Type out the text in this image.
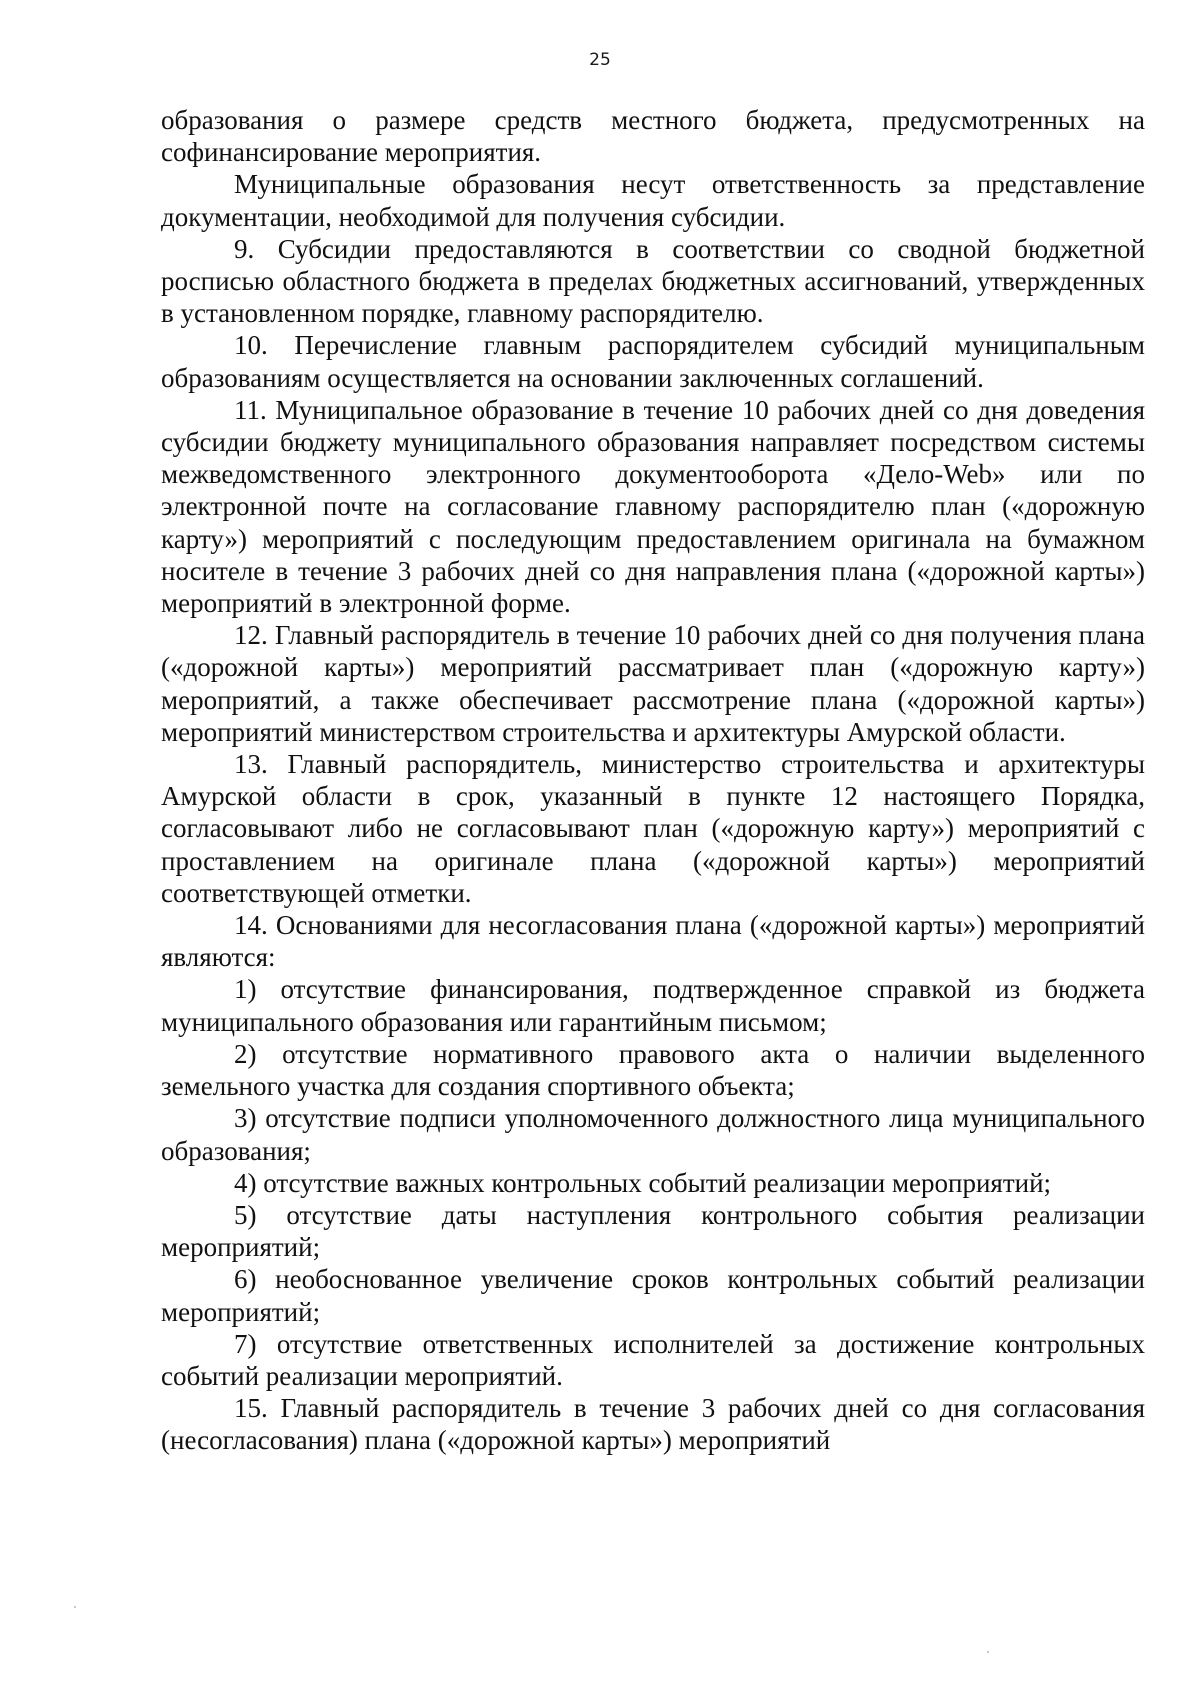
25

образования о размере средств местного бюджета, предусмотренных на софинансирование мероприятия.

Муниципальные образования несут ответственность за представление документации, необходимой для получения субсидии.

9. Субсидии предоставляются в соответствии со сводной бюджетной росписью областного бюджета в пределах бюджетных ассигнований, утвержденных в установленном порядке, главному распорядителю.

10. Перечисление главным распорядителем субсидий муниципальным образованиям осуществляется на основании заключенных соглашений.

11. Муниципальное образование в течение 10 рабочих дней со дня доведения субсидии бюджету муниципального образования направляет посредством системы межведомственного электронного документооборота «Дело-Web» или по электронной почте на согласование главному распорядителю план («дорожную карту») мероприятий с последующим предоставлением оригинала на бумажном носителе в течение 3 рабочих дней со дня направления плана («дорожной карты») мероприятий в электронной форме.

12. Главный распорядитель в течение 10 рабочих дней со дня получения плана («дорожной карты») мероприятий рассматривает план («дорожную карту») мероприятий, а также обеспечивает рассмотрение плана («дорожной карты») мероприятий министерством строительства и архитектуры Амурской области.

13. Главный распорядитель, министерство строительства и архитектуры Амурской области в срок, указанный в пункте 12 настоящего Порядка, согласовывают либо не согласовывают план («дорожную карту») мероприятий с проставлением на оригинале плана («дорожной карты») мероприятий соответствующей отметки.

14. Основаниями для несогласования плана («дорожной карты») мероприятий являются:

1) отсутствие финансирования, подтвержденное справкой из бюджета муниципального образования или гарантийным письмом;

2) отсутствие нормативного правового акта о наличии выделенного земельного участка для создания спортивного объекта;

3) отсутствие подписи уполномоченного должностного лица муниципального образования;

4) отсутствие важных контрольных событий реализации мероприятий;

5) отсутствие даты наступления контрольного события реализации мероприятий;

6) необоснованное увеличение сроков контрольных событий реализации мероприятий;

7) отсутствие ответственных исполнителей за достижение контрольных событий реализации мероприятий.

15. Главный распорядитель в течение 3 рабочих дней со дня согласования (несогласования) плана («дорожной карты») мероприятий
